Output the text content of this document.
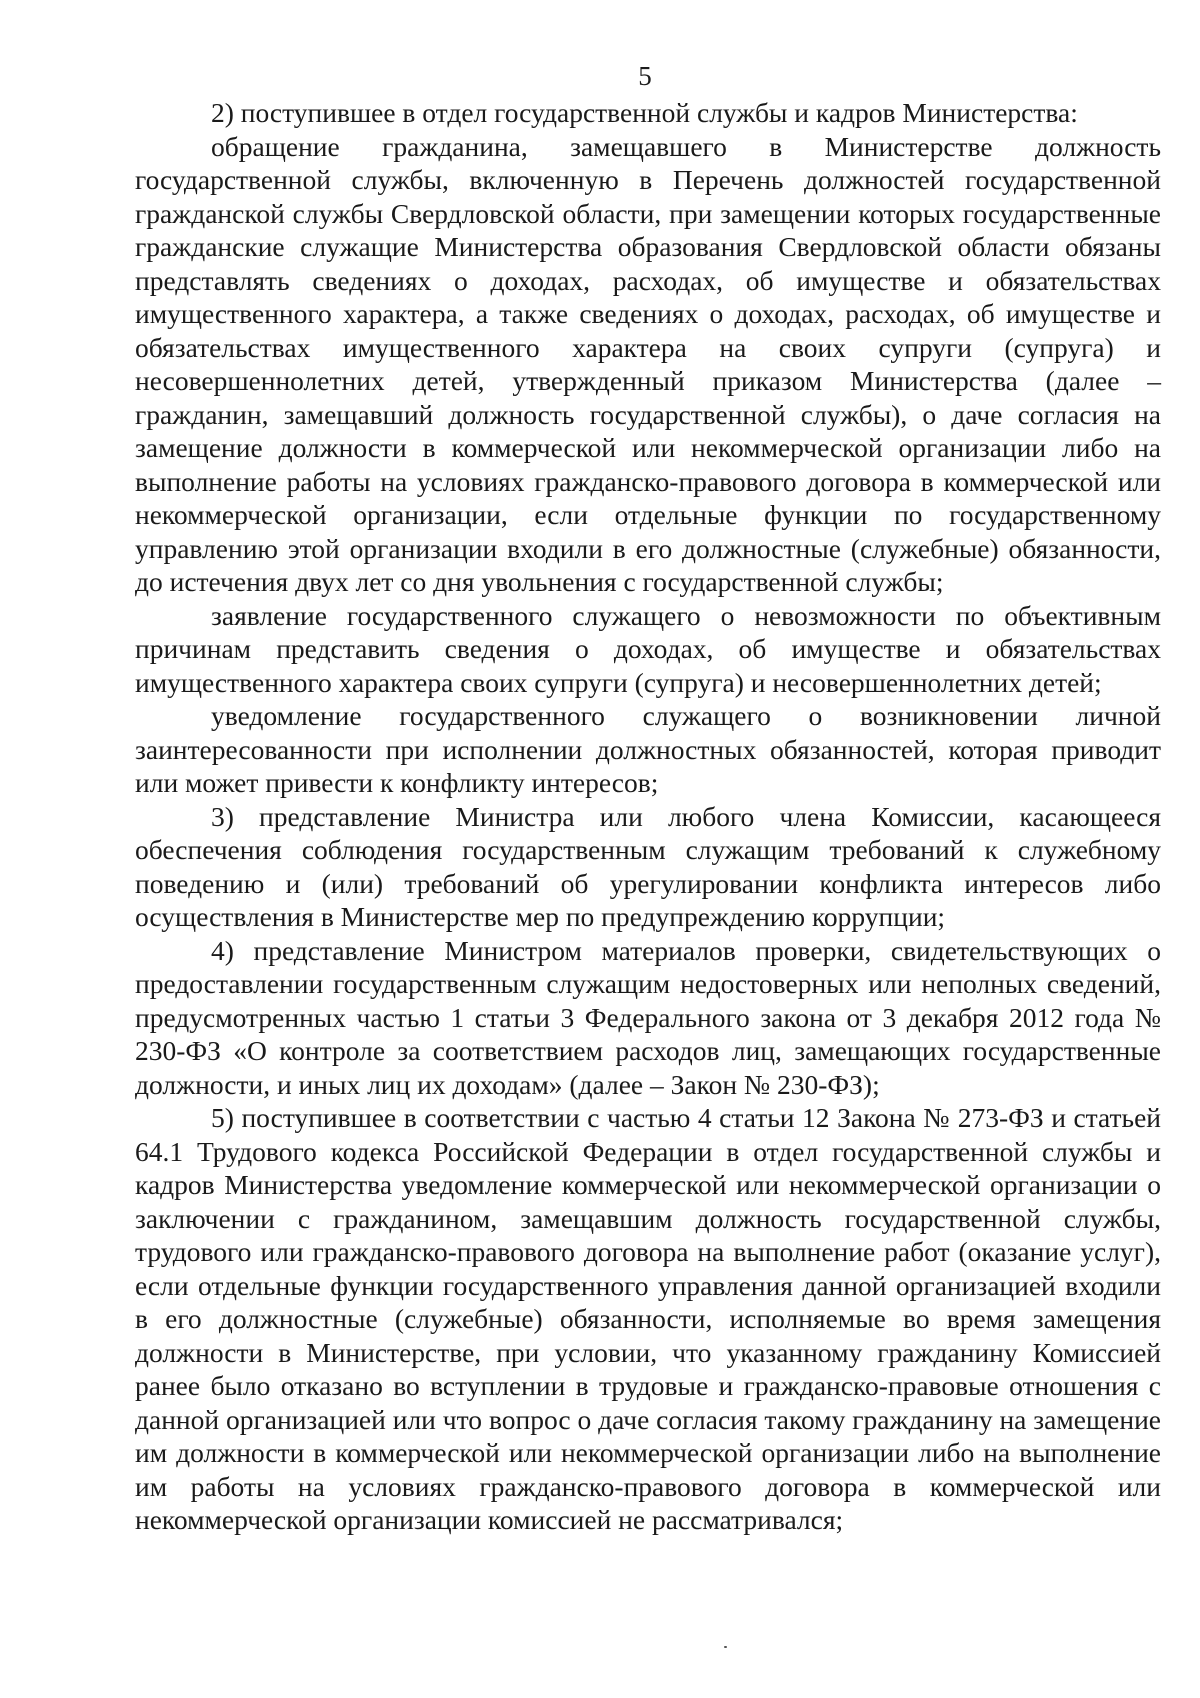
5

2) поступившее в отдел государственной службы и кадров Министерства:

обращение гражданина, замещавшего в Министерстве должность государственной службы, включенную в Перечень должностей государственной гражданской службы Свердловской области, при замещении которых государственные гражданские служащие Министерства образования Свердловской области обязаны представлять сведениях о доходах, расходах, об имуществе и обязательствах имущественного характера, а также сведениях о доходах, расходах, об имуществе и обязательствах имущественного характера на своих супруги (супруга) и несовершеннолетних детей, утвержденный приказом Министерства (далее – гражданин, замещавший должность государственной службы), о даче согласия на замещение должности в коммерческой или некоммерческой организации либо на выполнение работы на условиях гражданско-правового договора в коммерческой или некоммерческой организации, если отдельные функции по государственному управлению этой организации входили в его должностные (служебные) обязанности, до истечения двух лет со дня увольнения с государственной службы;

заявление государственного служащего о невозможности по объективным причинам представить сведения о доходах, об имуществе и обязательствах имущественного характера своих супруги (супруга) и несовершеннолетних детей;

уведомление государственного служащего о возникновении личной заинтересованности при исполнении должностных обязанностей, которая приводит или может привести к конфликту интересов;

3) представление Министра или любого члена Комиссии, касающееся обеспечения соблюдения государственным служащим требований к служебному поведению и (или) требований об урегулировании конфликта интересов либо осуществления в Министерстве мер по предупреждению коррупции;

4) представление Министром материалов проверки, свидетельствующих о предоставлении государственным служащим недостоверных или неполных сведений, предусмотренных частью 1 статьи 3 Федерального закона от 3 декабря 2012 года № 230-ФЗ «О контроле за соответствием расходов лиц, замещающих государственные должности, и иных лиц их доходам» (далее – Закон № 230-ФЗ);

5) поступившее в соответствии с частью 4 статьи 12 Закона № 273-ФЗ и статьей 64.1 Трудового кодекса Российской Федерации в отдел государственной службы и кадров Министерства уведомление коммерческой или некоммерческой организации о заключении с гражданином, замещавшим должность государственной службы, трудового или гражданско-правового договора на выполнение работ (оказание услуг), если отдельные функции государственного управления данной организацией входили в его должностные (служебные) обязанности, исполняемые во время замещения должности в Министерстве, при условии, что указанному гражданину Комиссией ранее было отказано во вступлении в трудовые и гражданско-правовые отношения с данной организацией или что вопрос о даче согласия такому гражданину на замещение им должности в коммерческой или некоммерческой организации либо на выполнение им работы на условиях гражданско-правового договора в коммерческой или некоммерческой организации комиссией не рассматривался;
